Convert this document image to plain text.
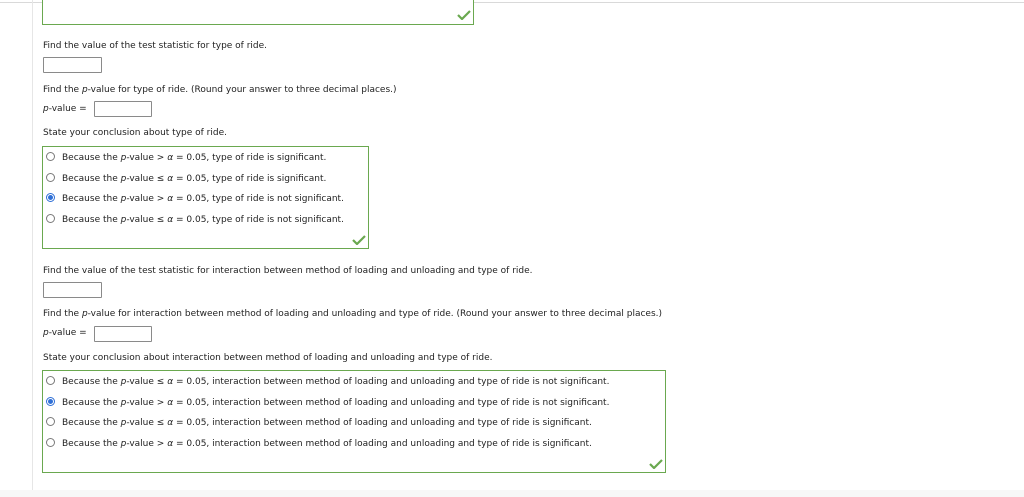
Find the value of the test statistic for type of ride.
Find the p-value for type of ride. (Round your answer to three decimal places.)
p-value =
State your conclusion about type of ride.
Because the p-value > α = 0.05, type of ride is significant.
Because the p-value ≤ α = 0.05, type of ride is significant.
Because the p-value > α = 0.05, type of ride is not significant.
Because the p-value ≤ α = 0.05, type of ride is not significant.
Find the value of the test statistic for interaction between method of loading and unloading and type of ride.
Find the p-value for interaction between method of loading and unloading and type of ride. (Round your answer to three decimal places.)
p-value =
State your conclusion about interaction between method of loading and unloading and type of ride.
Because the p-value ≤ α = 0.05, interaction between method of loading and unloading and type of ride is not significant.
Because the p-value > α = 0.05, interaction between method of loading and unloading and type of ride is not significant.
Because the p-value ≤ α = 0.05, interaction between method of loading and unloading and type of ride is significant.
Because the p-value > α = 0.05, interaction between method of loading and unloading and type of ride is significant.
